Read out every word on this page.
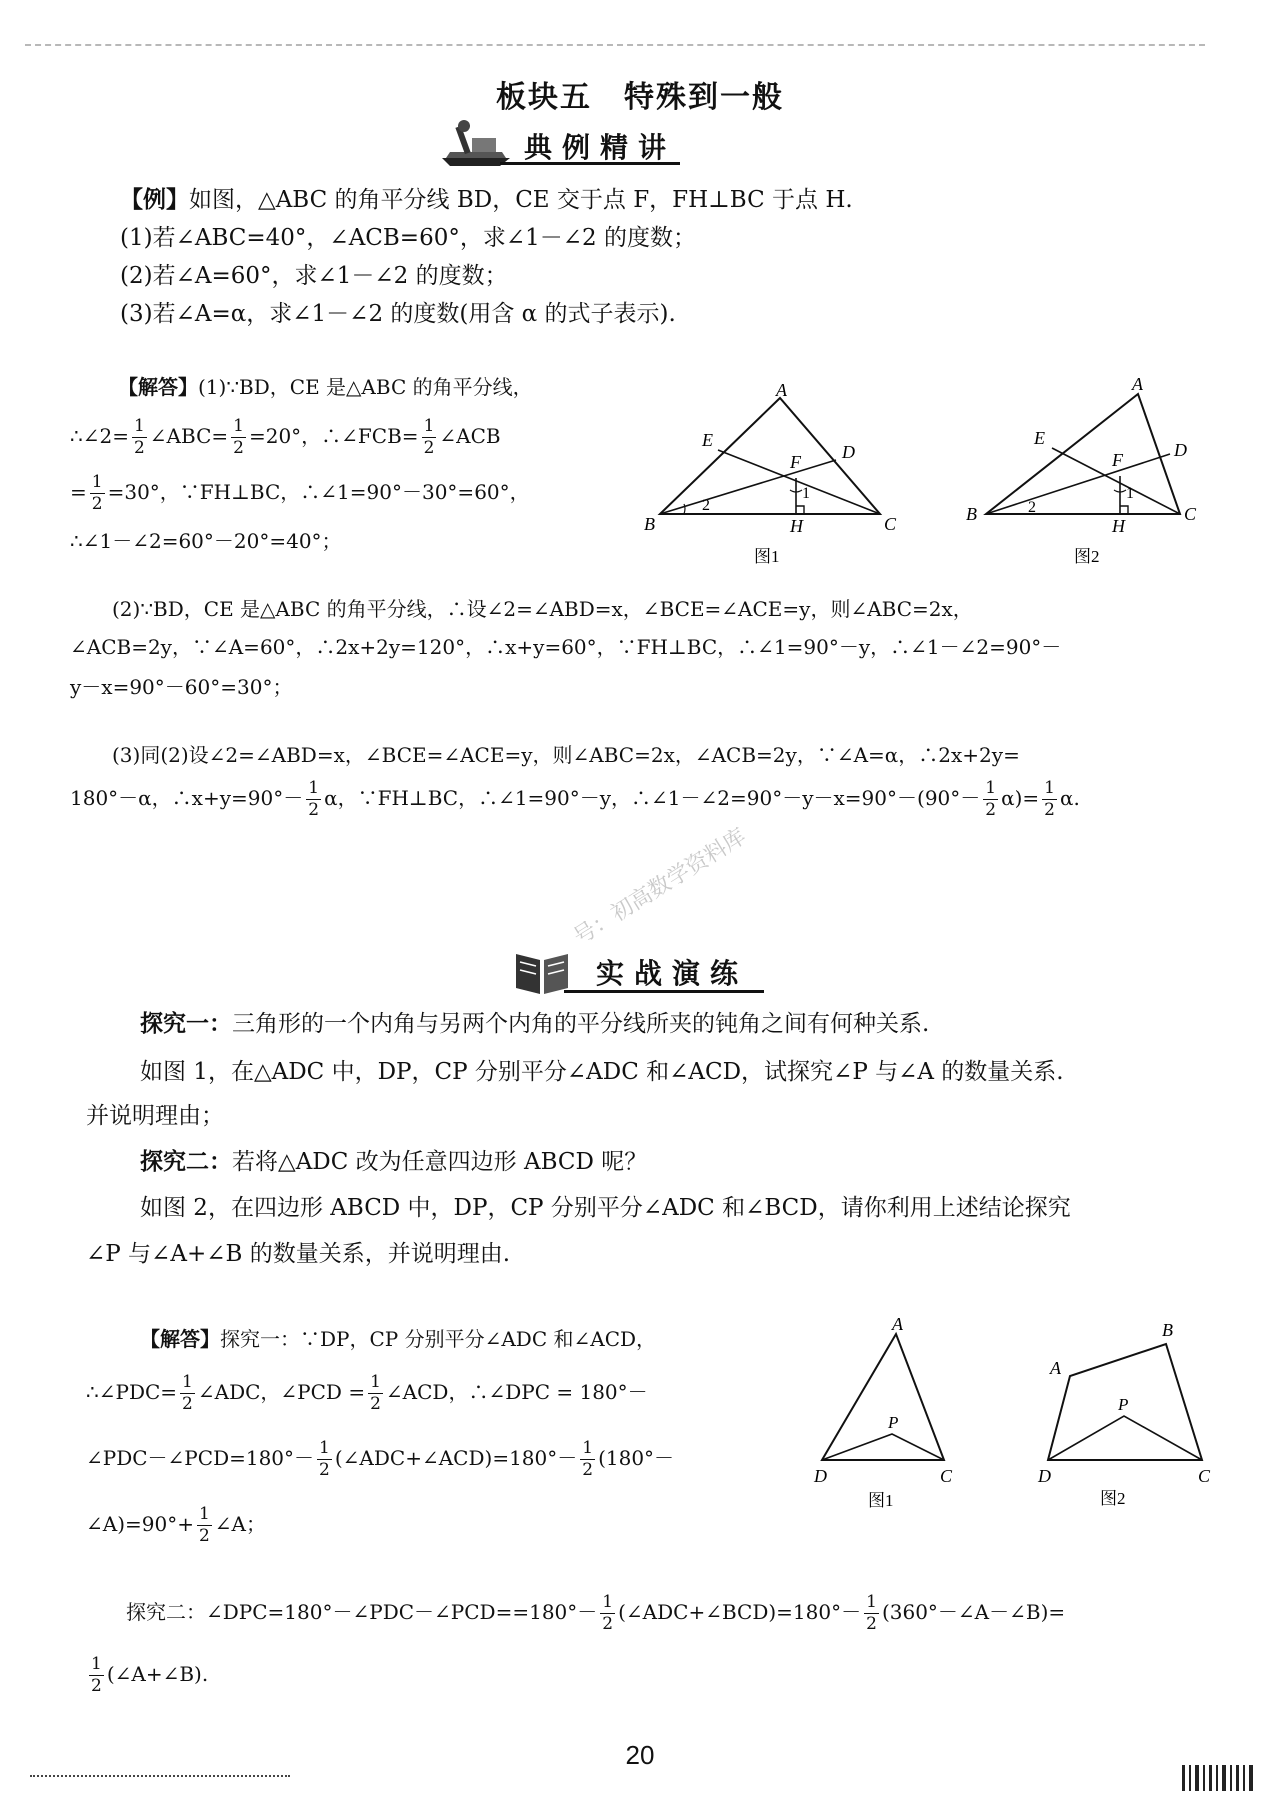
板块五　特殊到一般
典例精讲
【例】如图，△ABC 的角平分线 BD，CE 交于点 F，FH⊥BC 于点 H.
(1)若∠ABC=40°，∠ACB=60°，求∠1－∠2 的度数；
(2)若∠A=60°，求∠1－∠2 的度数；
(3)若∠A=α，求∠1－∠2 的度数(用含 α 的式子表示).
【解答】(1)∵BD，CE 是△ABC 的角平分线，
∴∠2= $\frac{1}{2}$ ∠ABC= $\frac{1}{2} =20^\circ$，∴∠FCB= $\frac{1}{2}$ ∠ACB
= $\frac{1}{2} =30^\circ$，∵FH⊥BC，∴∠1=90°－30°=60°，
∴∠1－∠2=60°－20°=40°；
A
B	C
D
E
F
H
1
2
图1
A
B	C
D
E
F
H
1
2
图2
(2)∵BD，CE 是△ABC 的角平分线，∴设∠2=∠ABD=x，∠BCE=∠ACE=y，则∠ABC=2x，
∠ACB=2y，∵∠A=60°，∴2x+2y=120°，∴x+y=60°，∵FH⊥BC，∴∠1=90°－y，∴∠1－∠2=90°－
y－x=90°－60°=30°；
(3)同(2)设∠2=∠ABD=x，∠BCE=∠ACE=y，则∠ABC=2x，∠ACB=2y，∵∠A=α，∴2x+2y=
180°－α，∴x+y=90°－ $\frac{1}{2}$ α，∵FH⊥BC，∴∠1=90°－y，∴∠1－∠2=90°－y－x=90°－(90°－ $\frac{1}{2} \alpha)= \frac{1}{2} \alpha$.
号：初高数学资料库
实战演练
探究一：三角形的一个内角与另两个内角的平分线所夹的钝角之间有何种关系.
如图 1，在△ADC 中，DP，CP 分别平分∠ADC 和∠ACD，试探究∠P 与∠A 的数量关系.
并说明理由；
探究二：若将△ADC 改为任意四边形 ABCD 呢？
如图 2，在四边形 ABCD 中，DP，CP 分别平分∠ADC 和∠BCD，请你利用上述结论探究
∠P 与∠A+∠B 的数量关系，并说明理由.
【解答】探究一：∵DP，CP 分别平分∠ADC 和∠ACD，
∴∠PDC= $\frac{1}{2}$ ∠ADC，∠PCD = $\frac{1}{2}$ ∠ACD，∴∠DPC = 180°－
∠PDC－∠PCD=180°－ $\frac{1}{2}$ (∠ADC+∠ACD)=180°－ $\frac{1}{2} (180^\circ-$
∠A)=90°+ $\frac{1}{2}$ ∠A；
探究二：∠DPC=180°－∠PDC－∠PCD==180°－ $\frac{1}{2}$ (∠ADC+∠BCD)=180°－ $\frac{1}{2}$ (360°－∠A－∠B)=
$\frac{1}{2}$ (∠A+∠B).
A
D	C
P
图1
A
B
D	C
P
图2
20
